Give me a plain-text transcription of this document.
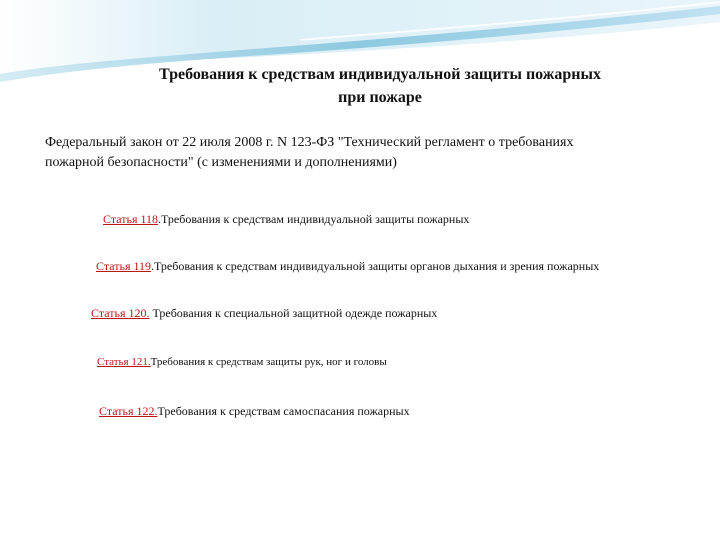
Требования к средствам индивидуальной защиты пожарных
при пожаре
Федеральный закон от 22 июля 2008 г. N 123-ФЗ "Технический регламент о требованиях
пожарной безопасности" (с изменениями и дополнениями)
Статья 118.Требования к средствам индивидуальной защиты пожарных
Статья 119.Требования к средствам индивидуальной защиты органов дыхания и зрения пожарных
Статья 120. Требования к специальной защитной одежде пожарных
Статья 121.Требования к средствам защиты рук, ног и головы
Статья 122.Требования к средствам самоспасания пожарных
